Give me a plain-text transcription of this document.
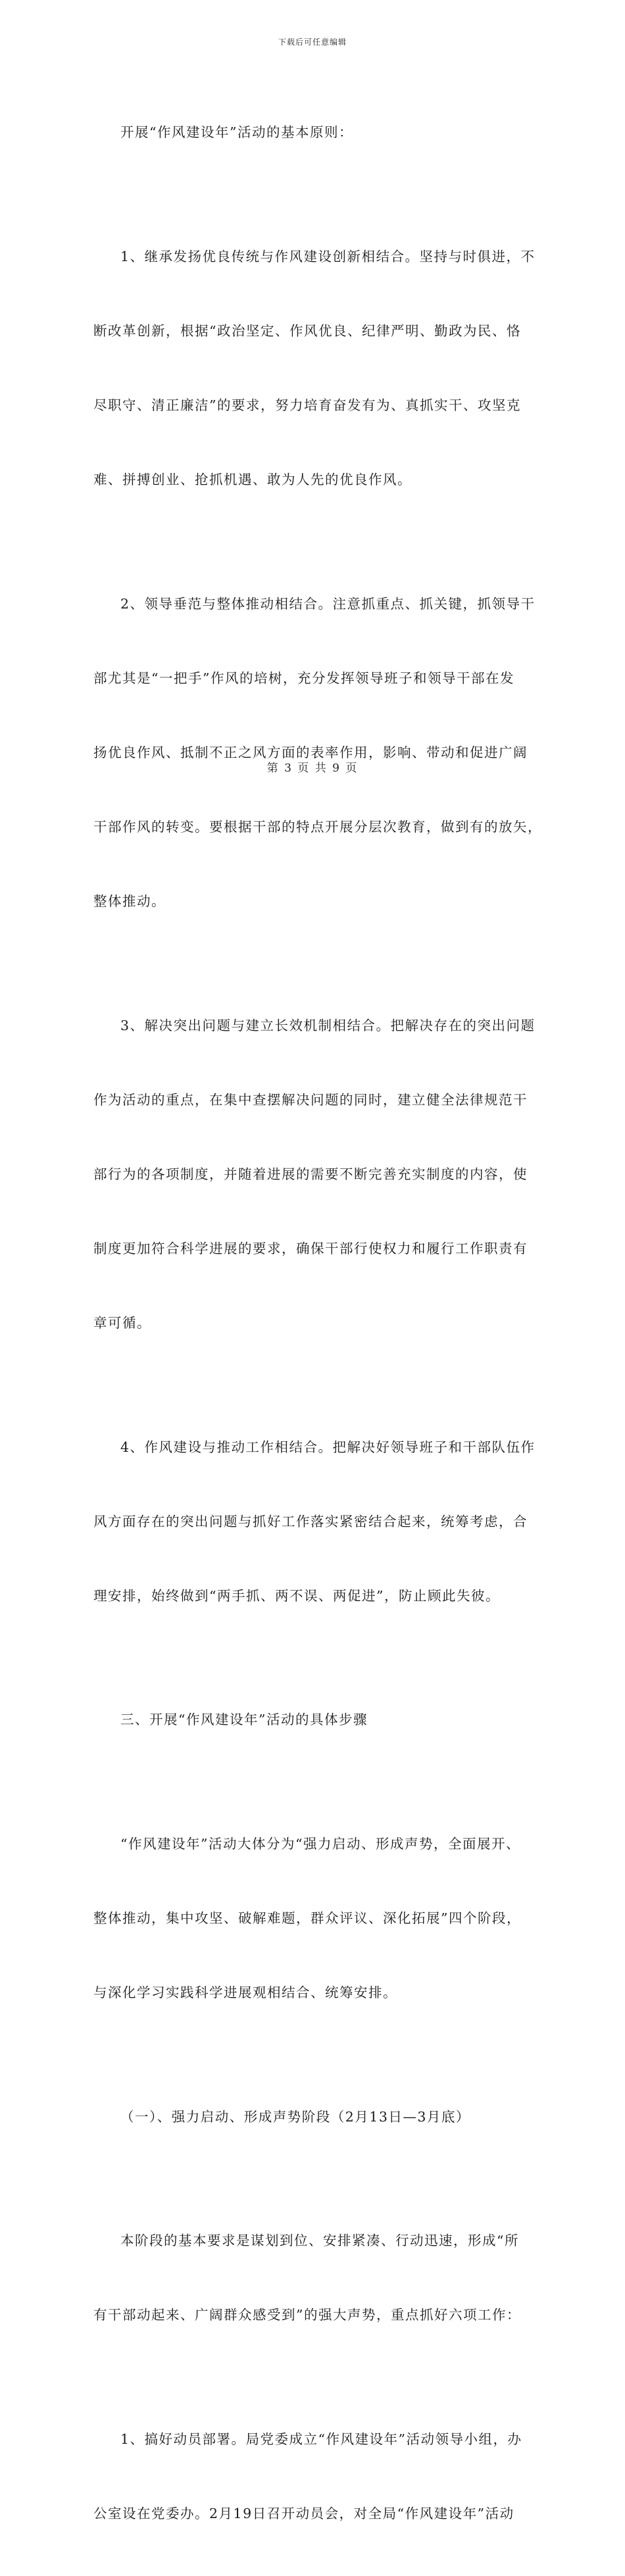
下载后可任意编辑

开展“作风建设年”活动的基本原则：

1、继承发扬优良传统与作风建设创新相结合。坚持与时俱进，不

断改革创新，根据“政治坚定、作风优良、纪律严明、勤政为民、恪

尽职守、清正廉洁”的要求，努力培育奋发有为、真抓实干、攻坚克

难、拼搏创业、抢抓机遇、敢为人先的优良作风。

2、领导垂范与整体推动相结合。注意抓重点、抓关键，抓领导干

部尤其是“一把手”作风的培树，充分发挥领导班子和领导干部在发

扬优良作风、抵制不正之风方面的表率作用，影响、带动和促进广阔

干部作风的转变。要根据干部的特点开展分层次教育，做到有的放矢，

整体推动。

3、解决突出问题与建立长效机制相结合。把解决存在的突出问题

作为活动的重点，在集中查摆解决问题的同时，建立健全法律规范干

部行为的各项制度，并随着进展的需要不断完善充实制度的内容，使

制度更加符合科学进展的要求，确保干部行使权力和履行工作职责有

章可循。

4、作风建设与推动工作相结合。把解决好领导班子和干部队伍作

风方面存在的突出问题与抓好工作落实紧密结合起来，统筹考虑，合

理安排，始终做到“两手抓、两不误、两促进”，防止顾此失彼。

三、开展“作风建设年”活动的具体步骤

“作风建设年”活动大体分为“强力启动、形成声势，全面展开、

整体推动，集中攻坚、破解难题，群众评议、深化拓展”四个阶段，

与深化学习实践科学进展观相结合、统筹安排。

（一）、强力启动、形成声势阶段（2月13日—3月底）

本阶段的基本要求是谋划到位、安排紧凑、行动迅速，形成“所

有干部动起来、广阔群众感受到”的强大声势，重点抓好六项工作：

1、搞好动员部署。局党委成立“作风建设年”活动领导小组，办

公室设在党委办。2月19日召开动员会，对全局“作风建设年”活动

第 3 页 共 9 页
